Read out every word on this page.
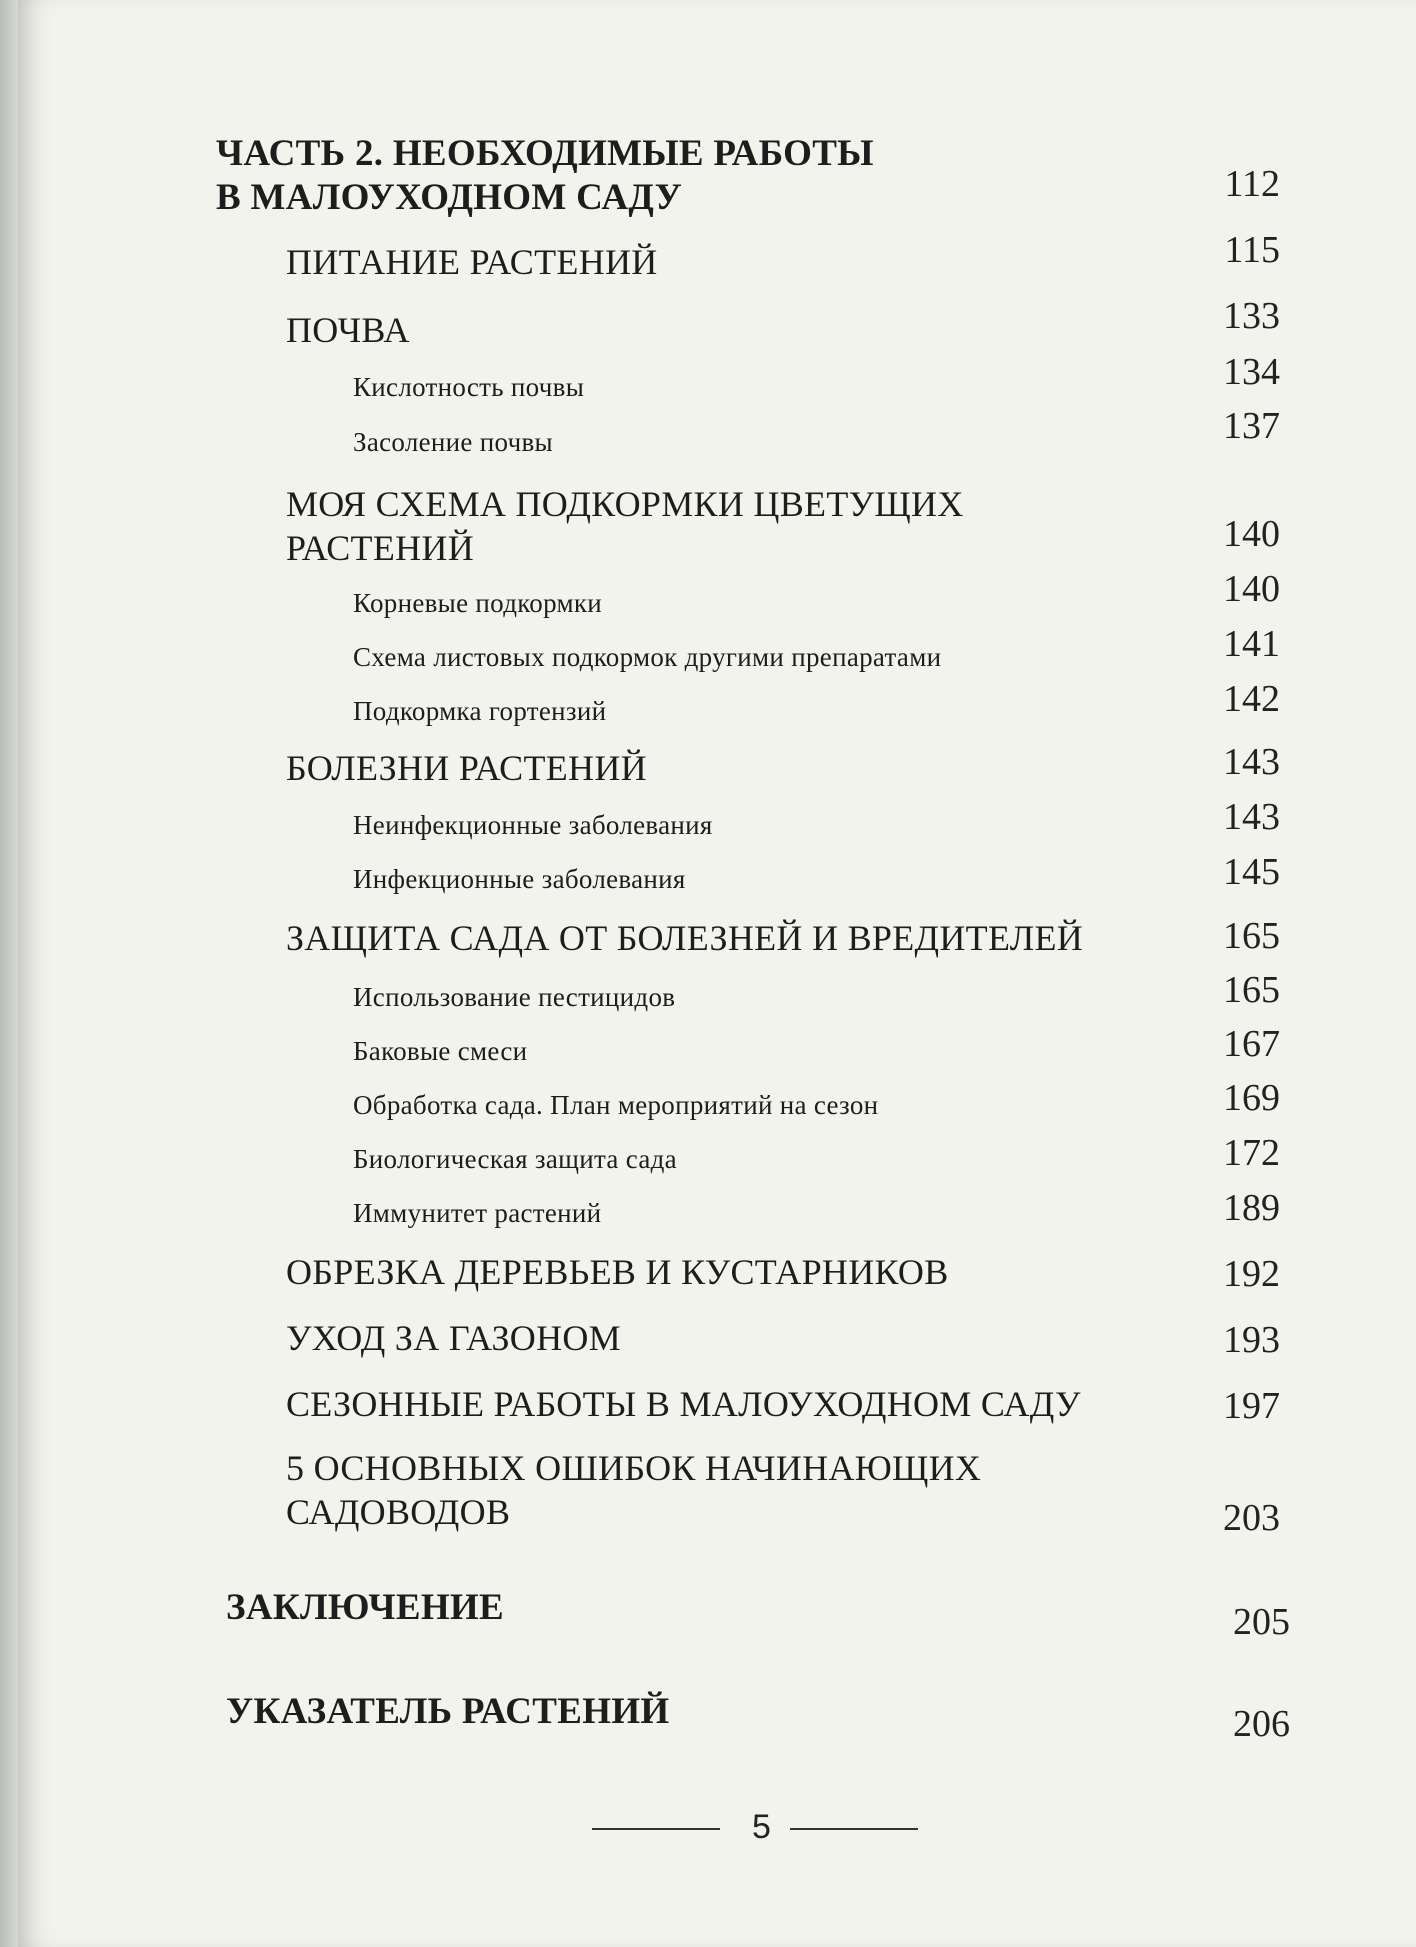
ЧАСТЬ 2. НЕОБХОДИМЫЕ РАБОТЫ
В МАЛОУХОДНОМ САДУ	112
ПИТАНИЕ РАСТЕНИЙ	115
ПОЧВА	133
Кислотность почвы	134
Засоление почвы	137
МОЯ СХЕМА ПОДКОРМКИ ЦВЕТУЩИХ
РАСТЕНИЙ	140
Корневые подкормки	140
Схема листовых подкормок другими препаратами	141
Подкормка гортензий	142
БОЛЕЗНИ РАСТЕНИЙ	143
Неинфекционные заболевания	143
Инфекционные заболевания	145
ЗАЩИТА САДА ОТ БОЛЕЗНЕЙ И ВРЕДИТЕЛЕЙ	165
Использование пестицидов	165
Баковые смеси	167
Обработка сада. План мероприятий на сезон	169
Биологическая защита сада	172
Иммунитет растений	189
ОБРЕЗКА ДЕРЕВЬЕВ И КУСТАРНИКОВ	192
УХОД ЗА ГАЗОНОМ	193
СЕЗОННЫЕ РАБОТЫ В МАЛОУХОДНОМ САДУ	197
5 ОСНОВНЫХ ОШИБОК НАЧИНАЮЩИХ
САДОВОДОВ	203
ЗАКЛЮЧЕНИЕ	205
УКАЗАТЕЛЬ РАСТЕНИЙ	206
5
